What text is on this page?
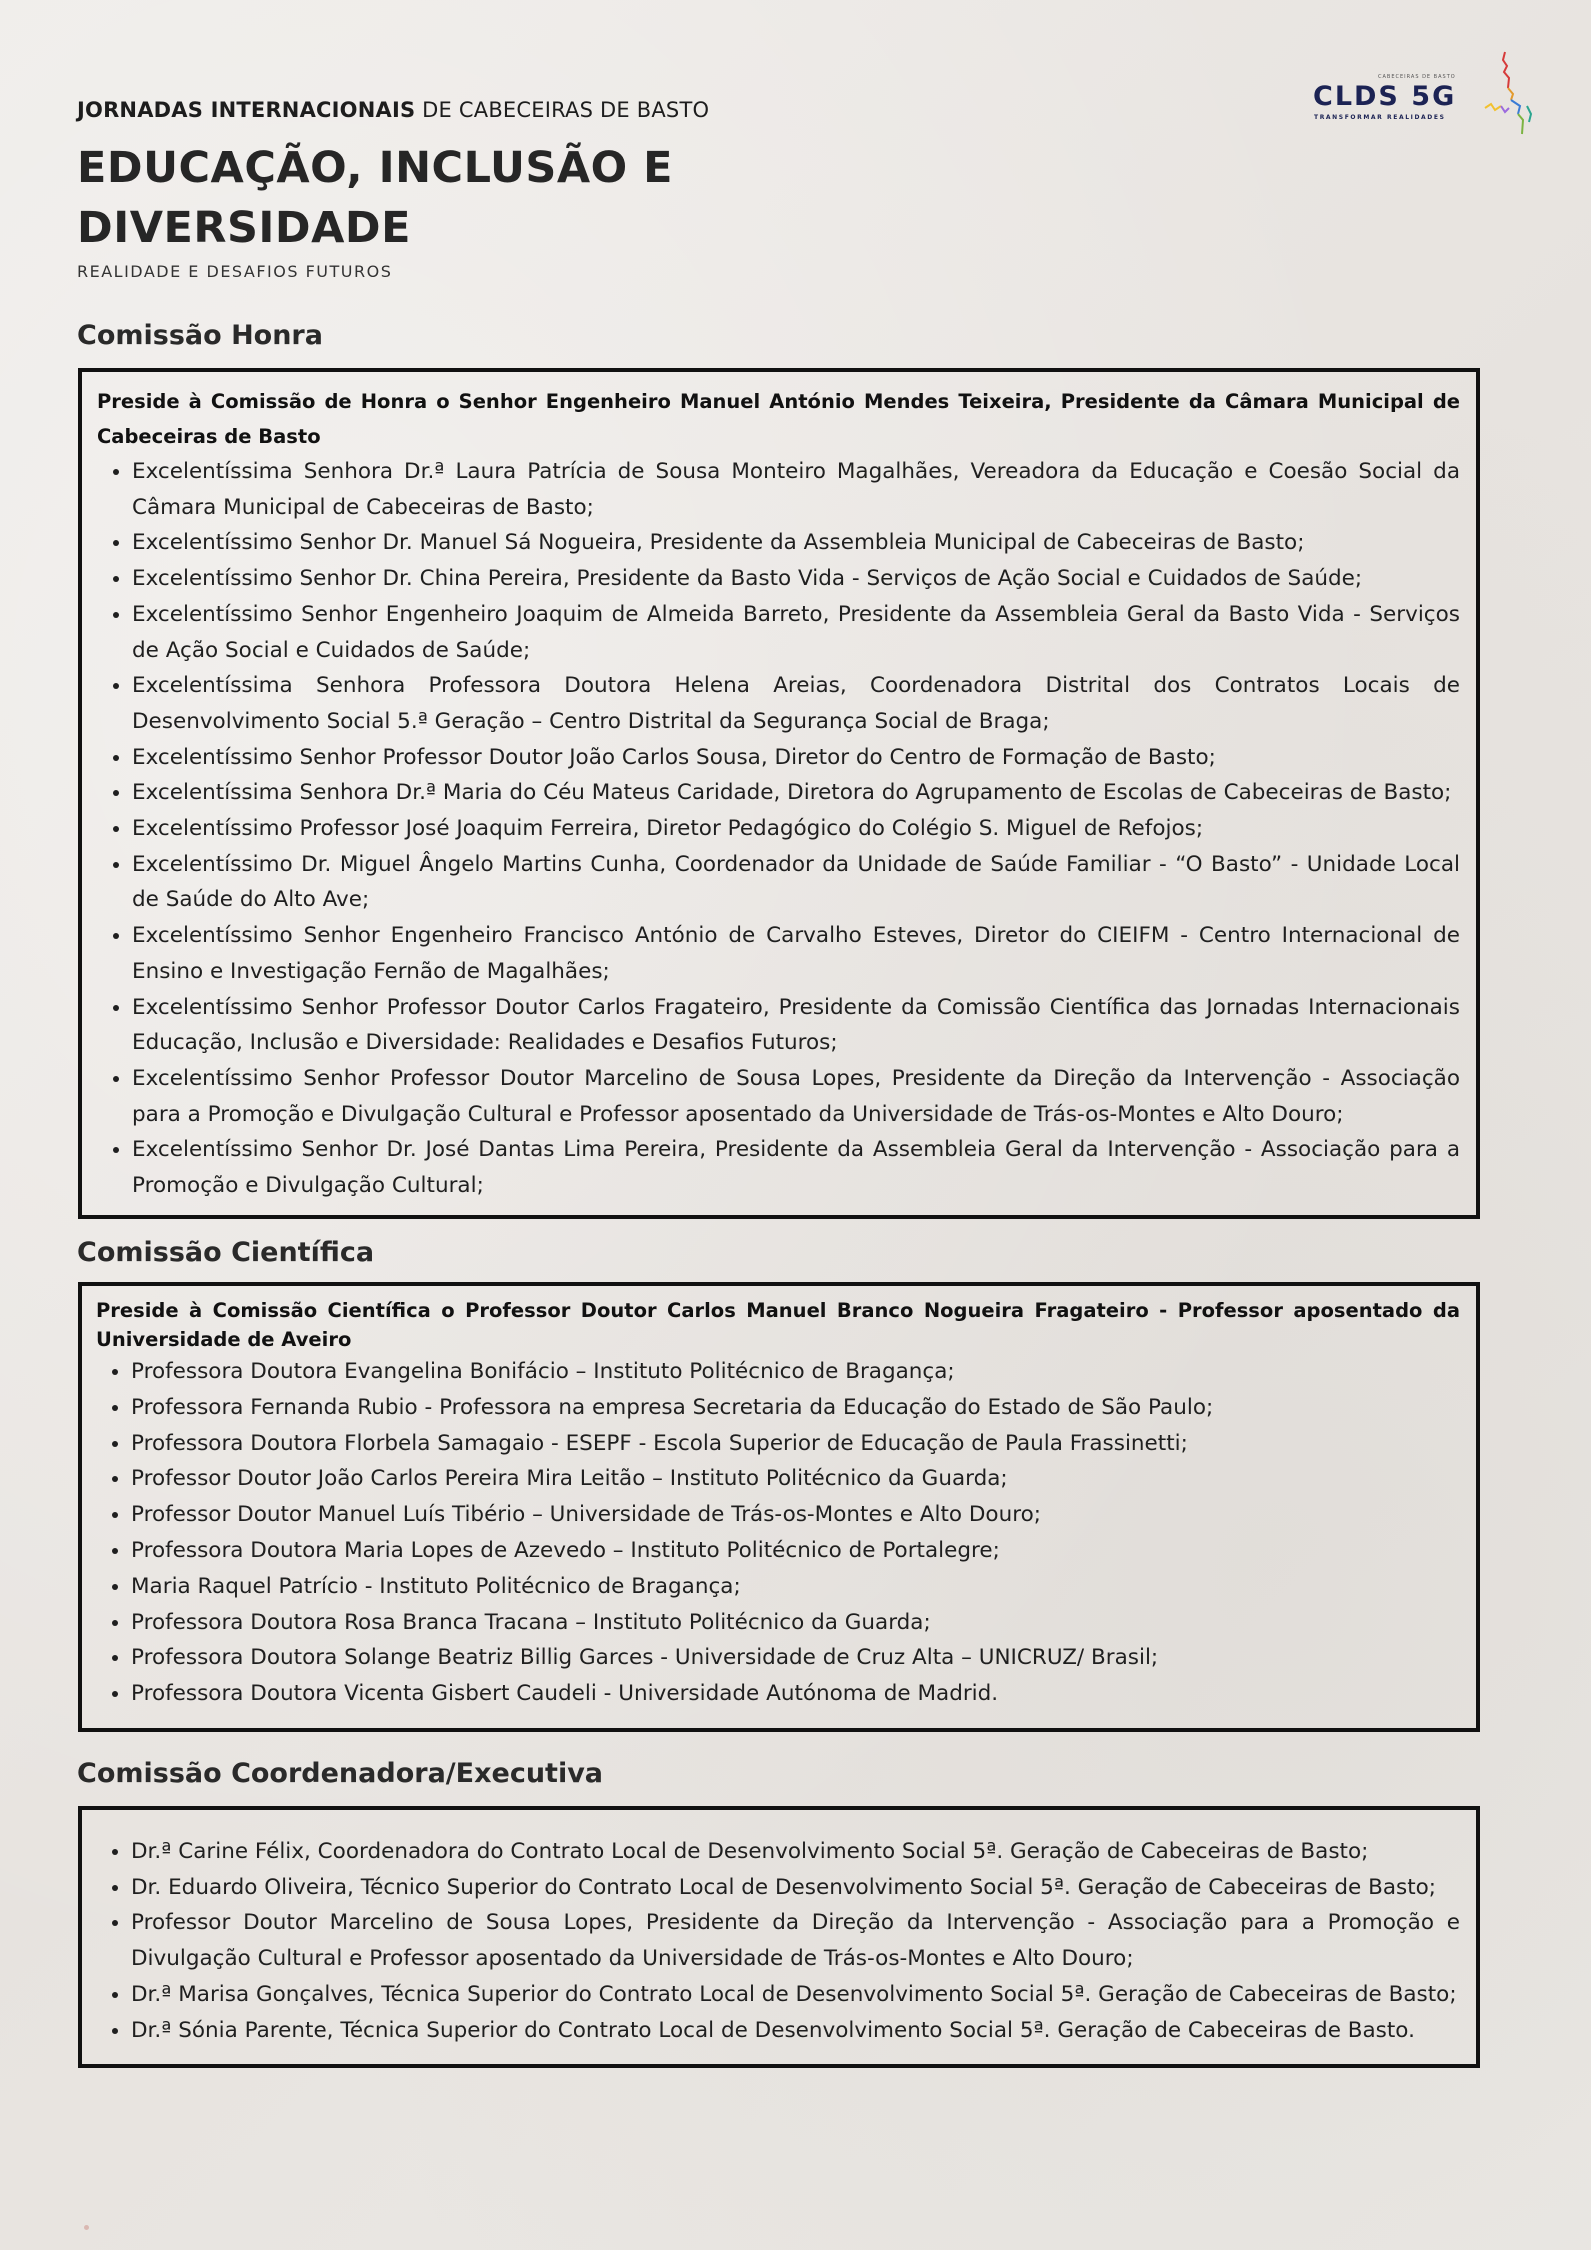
JORNADAS INTERNACIONAIS DE CABECEIRAS DE BASTO
EDUCAÇÃO, INCLUSÃO E
DIVERSIDADE
REALIDADE E DESAFIOS FUTUROS
CABECEIRAS DE BASTO
CLDS 5G
TRANSFORMAR REALIDADES
Comissão Honra
Preside à Comissão de Honra o Senhor Engenheiro Manuel António Mendes Teixeira, Presidente da Câmara Municipal de Cabeceiras de Basto
• Excelentíssima Senhora Dr.ª Laura Patrícia de Sousa Monteiro Magalhães, Vereadora da Educação e Coesão Social da Câmara Municipal de Cabeceiras de Basto;
• Excelentíssimo Senhor Dr. Manuel Sá Nogueira, Presidente da Assembleia Municipal de Cabeceiras de Basto;
• Excelentíssimo Senhor Dr. China Pereira, Presidente da Basto Vida - Serviços de Ação Social e Cuidados de Saúde;
• Excelentíssimo Senhor Engenheiro Joaquim de Almeida Barreto, Presidente da Assembleia Geral da Basto Vida - Serviços de Ação Social e Cuidados de Saúde;
• Excelentíssima Senhora Professora Doutora Helena Areias, Coordenadora Distrital dos Contratos Locais de Desenvolvimento Social 5.ª Geração – Centro Distrital da Segurança Social de Braga;
• Excelentíssimo Senhor Professor Doutor João Carlos Sousa, Diretor do Centro de Formação de Basto;
• Excelentíssima Senhora Dr.ª Maria do Céu Mateus Caridade, Diretora do Agrupamento de Escolas de Cabeceiras de Basto;
• Excelentíssimo Professor José Joaquim Ferreira, Diretor Pedagógico do Colégio S. Miguel de Refojos;
• Excelentíssimo Dr. Miguel Ângelo Martins Cunha, Coordenador da Unidade de Saúde Familiar - “O Basto” - Unidade Local de Saúde do Alto Ave;
• Excelentíssimo Senhor Engenheiro Francisco António de Carvalho Esteves, Diretor do CIEIFM - Centro Internacional de Ensino e Investigação Fernão de Magalhães;
• Excelentíssimo Senhor Professor Doutor Carlos Fragateiro, Presidente da Comissão Científica das Jornadas Internacionais Educação, Inclusão e Diversidade: Realidades e Desafios Futuros;
• Excelentíssimo Senhor Professor Doutor Marcelino de Sousa Lopes, Presidente da Direção da Intervenção - Associação para a Promoção e Divulgação Cultural e Professor aposentado da Universidade de Trás-os-Montes e Alto Douro;
• Excelentíssimo Senhor Dr. José Dantas Lima Pereira, Presidente da Assembleia Geral da Intervenção - Associação para a Promoção e Divulgação Cultural;
Comissão Científica
Preside à Comissão Científica o Professor Doutor Carlos Manuel Branco Nogueira Fragateiro - Professor aposentado da Universidade de Aveiro
• Professora Doutora Evangelina Bonifácio – Instituto Politécnico de Bragança;
• Professora Fernanda Rubio - Professora na empresa Secretaria da Educação do Estado de São Paulo;
• Professora Doutora Florbela Samagaio - ESEPF - Escola Superior de Educação de Paula Frassinetti;
• Professor Doutor João Carlos Pereira Mira Leitão – Instituto Politécnico da Guarda;
• Professor Doutor Manuel Luís Tibério – Universidade de Trás-os-Montes e Alto Douro;
• Professora Doutora Maria Lopes de Azevedo – Instituto Politécnico de Portalegre;
• Maria Raquel Patrício - Instituto Politécnico de Bragança;
• Professora Doutora Rosa Branca Tracana – Instituto Politécnico da Guarda;
• Professora Doutora Solange Beatriz Billig Garces - Universidade de Cruz Alta – UNICRUZ/ Brasil;
• Professora Doutora Vicenta Gisbert Caudeli - Universidade Autónoma de Madrid.
Comissão Coordenadora/Executiva
• Dr.ª Carine Félix, Coordenadora do Contrato Local de Desenvolvimento Social 5ª. Geração de Cabeceiras de Basto;
• Dr. Eduardo Oliveira, Técnico Superior do Contrato Local de Desenvolvimento Social 5ª. Geração de Cabeceiras de Basto;
• Professor Doutor Marcelino de Sousa Lopes, Presidente da Direção da Intervenção - Associação para a Promoção e Divulgação Cultural e Professor aposentado da Universidade de Trás-os-Montes e Alto Douro;
• Dr.ª Marisa Gonçalves, Técnica Superior do Contrato Local de Desenvolvimento Social 5ª. Geração de Cabeceiras de Basto;
• Dr.ª Sónia Parente, Técnica Superior do Contrato Local de Desenvolvimento Social 5ª. Geração de Cabeceiras de Basto.
